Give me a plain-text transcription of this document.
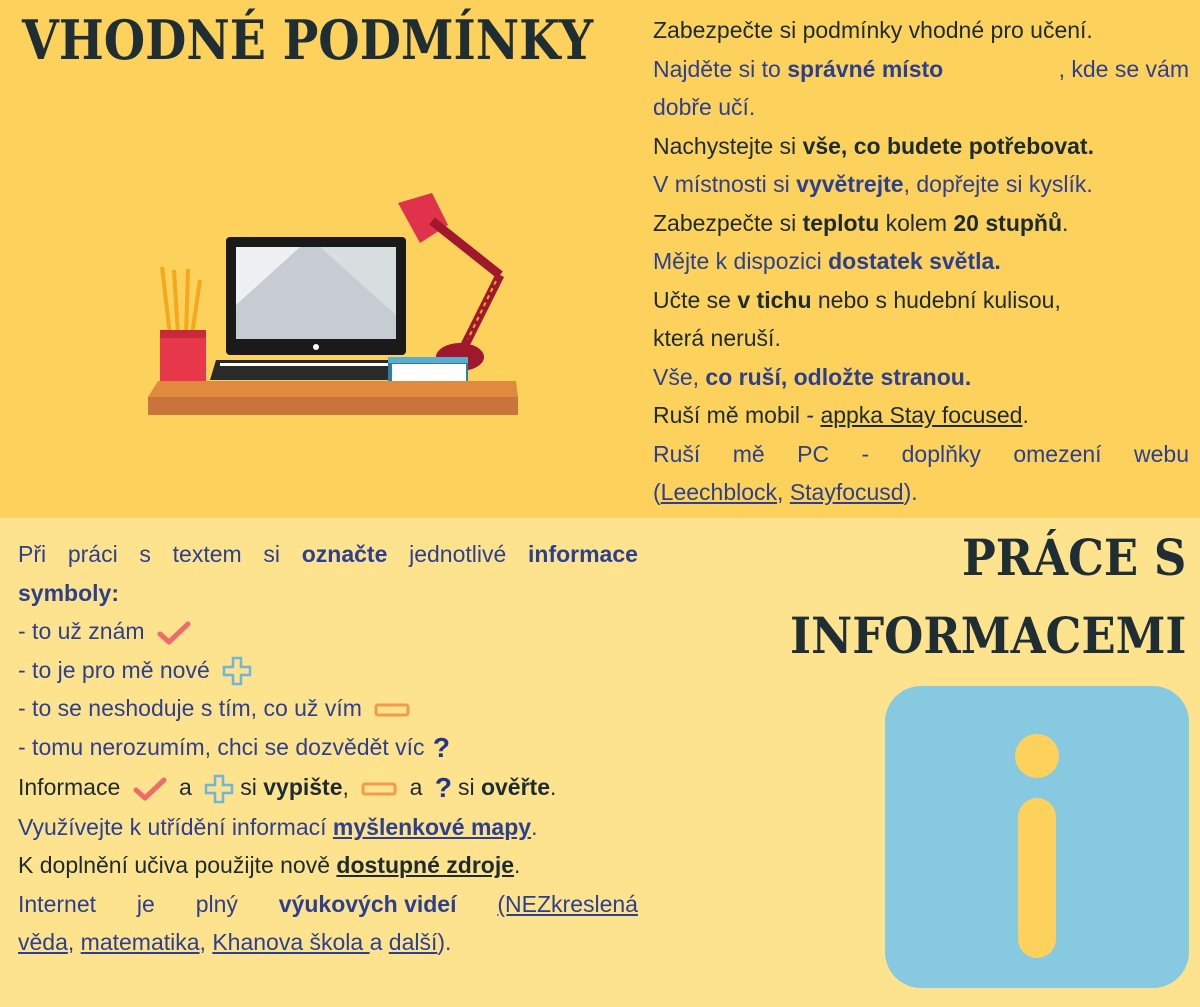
VHODNÉ PODMÍNKY	Zabezpečte si podmínky vhodné pro učení.
Najděte si to správné místo	, kde se vám
dobře učí.
Nachystejte si vše, co budete potřebovat.
V místnosti si vyvětrejte, dopřejte si kyslík.
Zabezpečte si teplotu kolem 20 stupňů.
Mějte k dispozici dostatek světla.
Učte se v tichu nebo s hudební kulisou,
která neruší.
Vše, co ruší, odložte stranou.
Ruší mě mobil - appka Stay focused.
Ruší mě PC - doplňky omezení webu
(Leechblock, Stayfocusd).
PRÁCE S
INFORMACEMI
Při práci s textem si označte jednotlivé informace
symboly:
- to už znám
- to je pro mě nové
- to se neshoduje s tím, co už vím
- tomu nerozumím, chci se dozvědět víc ?
Informace	a si vypište,	a ? si ověřte.
Využívejte k utřídění informací myšlenkové mapy.
K doplnění učiva použijte nově dostupné zdroje.
Internet je plný výukových videí (NEZkreslená
věda, matematika, Khanova škola a další).
